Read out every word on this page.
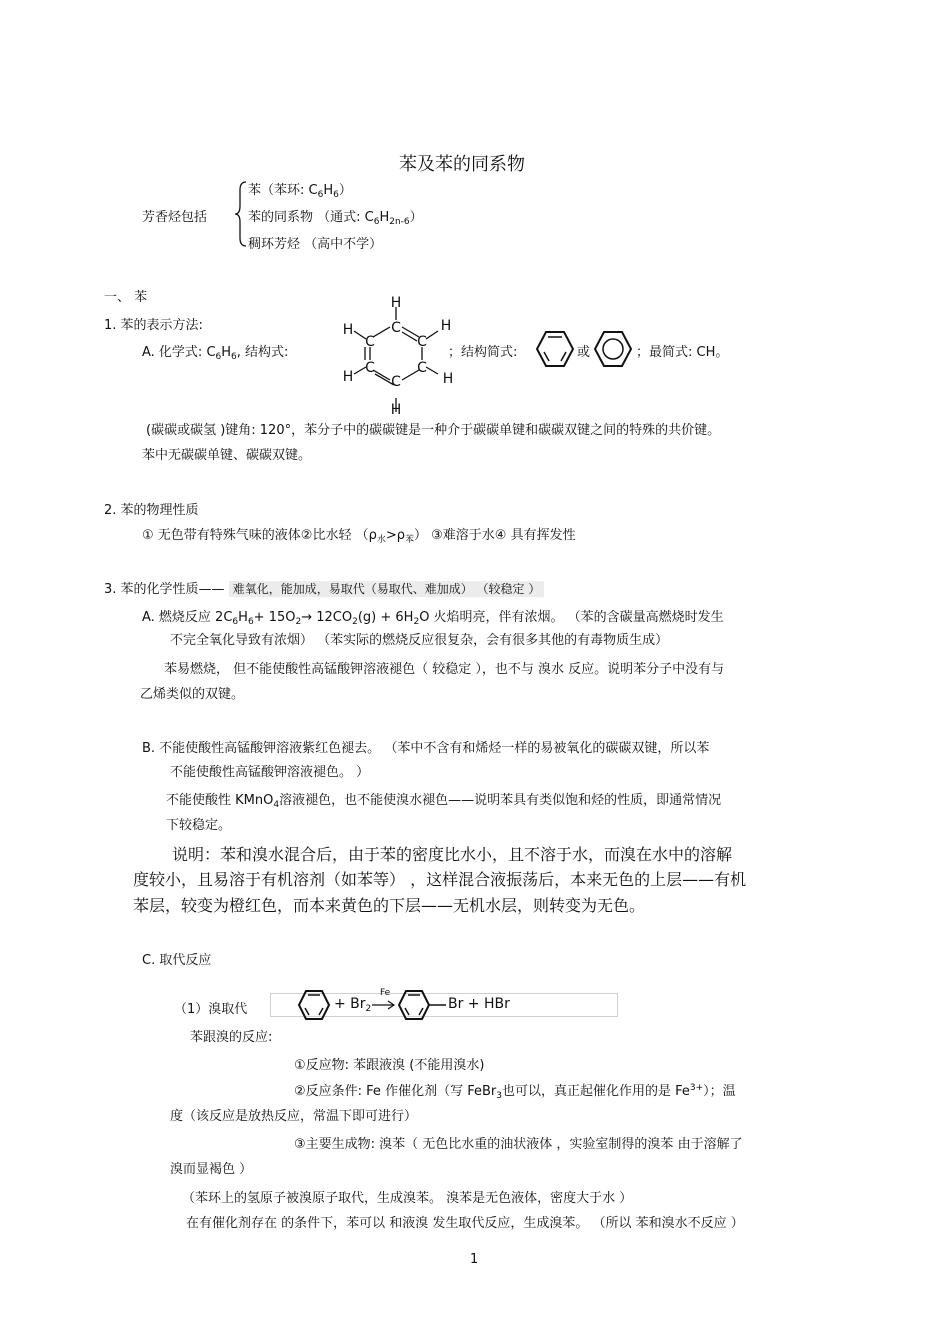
苯及苯的同系物
芳香烃包括
苯（苯环: $C_6H_6$）
苯的同系物 （通式: $C_6H_{2n-6}$）
稠环芳烃 （高中不学）
一、 苯
1. 苯的表示方法:
A. 化学式: $C_6H_6$, 结构式:
H
C
C
C
C
C
C
H	H
H	H
H
；结构简式:	或	；最简式: CH。
(碳碳或碳氢 )键角: 120°，苯分子中的碳碳键是一种介于碳碳单键和碳碳双键之间的特殊的共价键。
苯中无碳碳单键、碳碳双键。
2. 苯的物理性质
① 无色带有特殊气味的液体②比水轻 $(\rho_水>\rho_苯)$ ③难溶于水④ 具有挥发性
3. 苯的化学性质—— 难氧化，能加成，易取代（易取代、难加成） （较稳定 ）
A. 燃烧反应 $2C_6H_6+ 15O_2\to 12CO_2(g) + 6H_2O$ 火焰明亮，伴有浓烟。 （苯的含碳量高燃烧时发生
不完全氧化导致有浓烟） （苯实际的燃烧反应很复杂，会有很多其他的有毒物质生成）
苯易燃烧， 但不能使酸性高锰酸钾溶液褪色（ 较稳定 ），也不与 溴水 反应。说明苯分子中没有与
乙烯类似的双键。
B. 不能使酸性高锰酸钾溶液紫红色褪去。 （苯中不含有和烯烃一样的易被氧化的碳碳双键，所以苯
不能使酸性高锰酸钾溶液褪色。 ）
不能使酸性 KMnO$_4$溶液褪色，也不能使溴水褪色——说明苯具有类似饱和烃的性质，即通常情况
下较稳定。
说明：苯和溴水混合后，由于苯的密度比水小，且不溶于水，而溴在水中的溶解
度较小，且易溶于有机溶剂（如苯等） ，这样混合液振荡后，本来无色的上层——有机
苯层，较变为橙红色，而本来黄色的下层——无机水层，则转变为无色。
C. 取代反应
（1）溴取代	+ $Br_2$
Fe
Br + HBr
苯跟溴的反应:
①反应物: 苯跟液溴 (不能用溴水)
②反应条件: Fe 作催化剂（写 FeBr$_3$也可以，真正起催化作用的是 $Fe^{3+}$）；温
度（该反应是放热反应，常温下即可进行）
③主要生成物: 溴苯（ 无色比水重的油状液体 ，实验室制得的溴苯 由于溶解了
溴而显褐色 ）
（苯环上的氢原子被溴原子取代，生成溴苯。 溴苯是无色液体，密度大于水 ）
在有催化剂存在 的条件下，苯可以 和液溴 发生取代反应，生成溴苯。 （所以 苯和溴水不反应 ）
1
